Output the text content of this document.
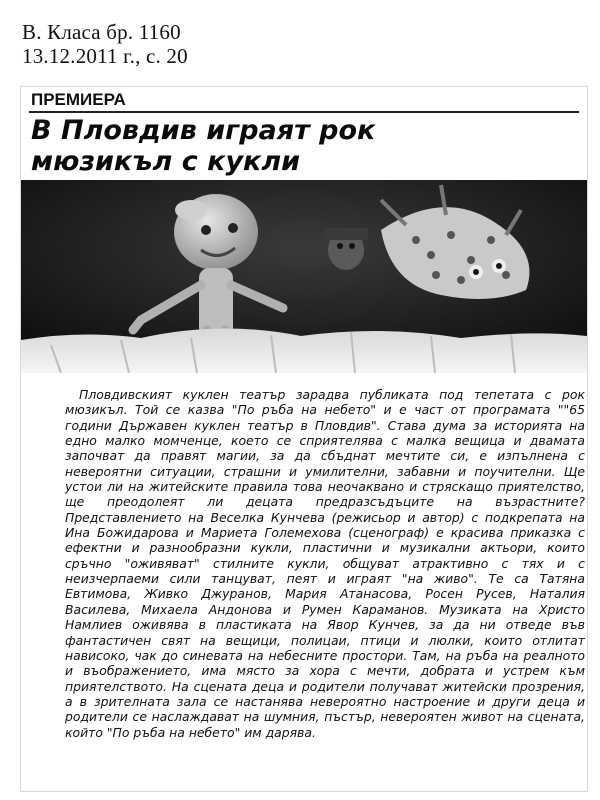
В. Класа бр. 1160
13.12.2011 г., с. 20
ПРЕМИЕРА
В Пловдив играят рок
мюзикъл с кукли

Пловдивският куклен театър зарадва публиката под тепетата с рок мюзикъл. Той се казва "По ръба на небето" и е част от програмата ""65 години Държавен куклен театър в Пловдив". Става дума за историята на едно малко момченце, което се сприятелява с малка вещица и двамата започват да правят магии, за да сбъднат мечтите си, е изпълнена с невероятни ситуации, страшни и умилителни, забавни и поучителни. Ще устои ли на житейските правила това неочаквано и стряскащо приятелство, ще преодолеят ли децата предразсъдъците на възрастните? Представлението на Веселка Кунчева (режисьор и автор) с подкрепата на Ина Божидарова и Мариета Големехова (сценограф) е красива приказка с ефектни и разнообразни кукли, пластични и музикални актьори, които сръчно "оживяват" стилните кукли, общуват атрактивно с тях и с неизчерпаеми сили танцуват, пеят и играят "на живо". Те са Татяна Евтимова, Живко Джуранов, Мария Атанасова, Росен Русев, Наталия Василева, Михаела Андонова и Румен Караманов. Музиката на Христо Намлиев оживява в пластиката на Явор Кунчев, за да ни отведе във фантастичен свят на вещици, полицаи, птици и люлки, които отлитат нависоко, чак до синевата на небесните простори. Там, на ръба на реалното и въображението, има място за хора с мечти, добрата и устрем към приятелството. На сцената деца и родители получават житейски прозрения, а в зрителната зала се настанява невероятно настроение и други деца и родители се наслаждават на шумния, пъстър, невероятен живот на сцената, който "По ръба на небето" им дарява.
